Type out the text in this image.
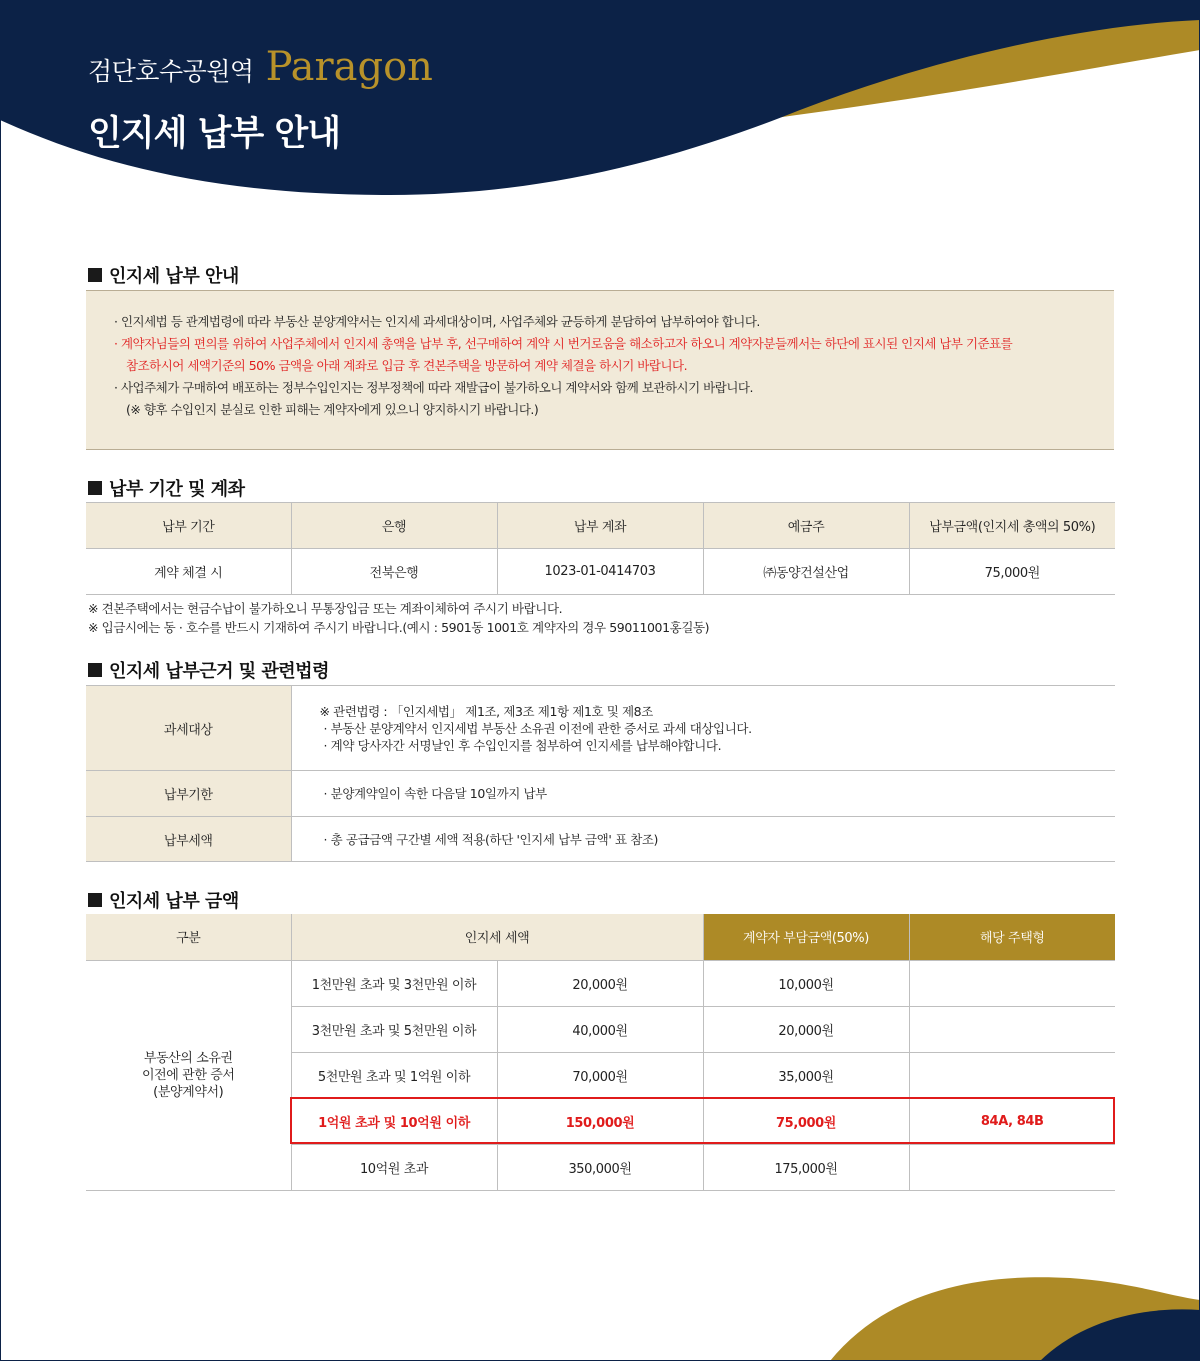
검단호수공원역 Paragon
인지세 납부 안내
인지세 납부 안내

· 인지세법 등 관계법령에 따라 부동산 분양계약서는 인지세 과세대상이며, 사업주체와 균등하게 분담하여 납부하여야 합니다.

· 계약자님들의 편의를 위하여 사업주체에서 인지세 총액을 납부 후, 선구매하여 계약 시 번거로움을 해소하고자 하오니 계약자분들께서는 하단에 표시된 인지세 납부 기준표를

참조하시어 세액기준의 50% 금액을 아래 계좌로 입금 후 견본주택을 방문하여 계약 체결을 하시기 바랍니다.

· 사업주체가 구매하여 배포하는 정부수입인지는 정부정책에 따라 재발급이 불가하오니 계약서와 함께 보관하시기 바랍니다.

(※ 향후 수입인지 분실로 인한 피해는 계약자에게 있으니 양지하시기 바랍니다.)

납부 기간 및 계좌
납부 기간	은행	납부 계좌	예금주	납부금액(인지세 총액의 50%)
계약 체결 시	전북은행	1023-01-0414703	㈜동양건설산업	75,000원
※ 견본주택에서는 현금수납이 불가하오니 무통장입금 또는 계좌이체하여 주시기 바랍니다.
※ 입금시에는 동 · 호수를 반드시 기재하여 주시기 바랍니다.(예시 : 5901동 1001호 계약자의 경우 59011001홍길동)
인지세 납부근거 및 관련법령
과세대상	※ 관련법령 : 「인지세법」 제1조, 제3조 제1항 제1호 및 제8조
· 부동산 분양계약서 인지세법 부동산 소유권 이전에 관한 증서로 과세 대상입니다.
· 계약 당사자간 서명날인 후 수입인지를 첨부하여 인지세를 납부해야합니다.

납부기한	· 분양계약일이 속한 다음달 10일까지 납부
납부세액	· 총 공급금액 구간별 세액 적용(하단 '인지세 납부 금액' 표 참조)
인지세 납부 금액
구분	인지세 세액		계약자 부담금액(50%)	해당 주택형

부동산의 소유권
이전에 관한 증서
(분양계약서)	1천만원 초과 및 3천만원 이하	20,000원	10,000원	
	3천만원 초과 및 5천만원 이하	40,000원	20,000원	
	5천만원 초과 및 1억원 이하	70,000원	35,000원	
	1억원 초과 및 10억원 이하	150,000원	75,000원	84A, 84B
	10억원 초과	350,000원	175,000원	
